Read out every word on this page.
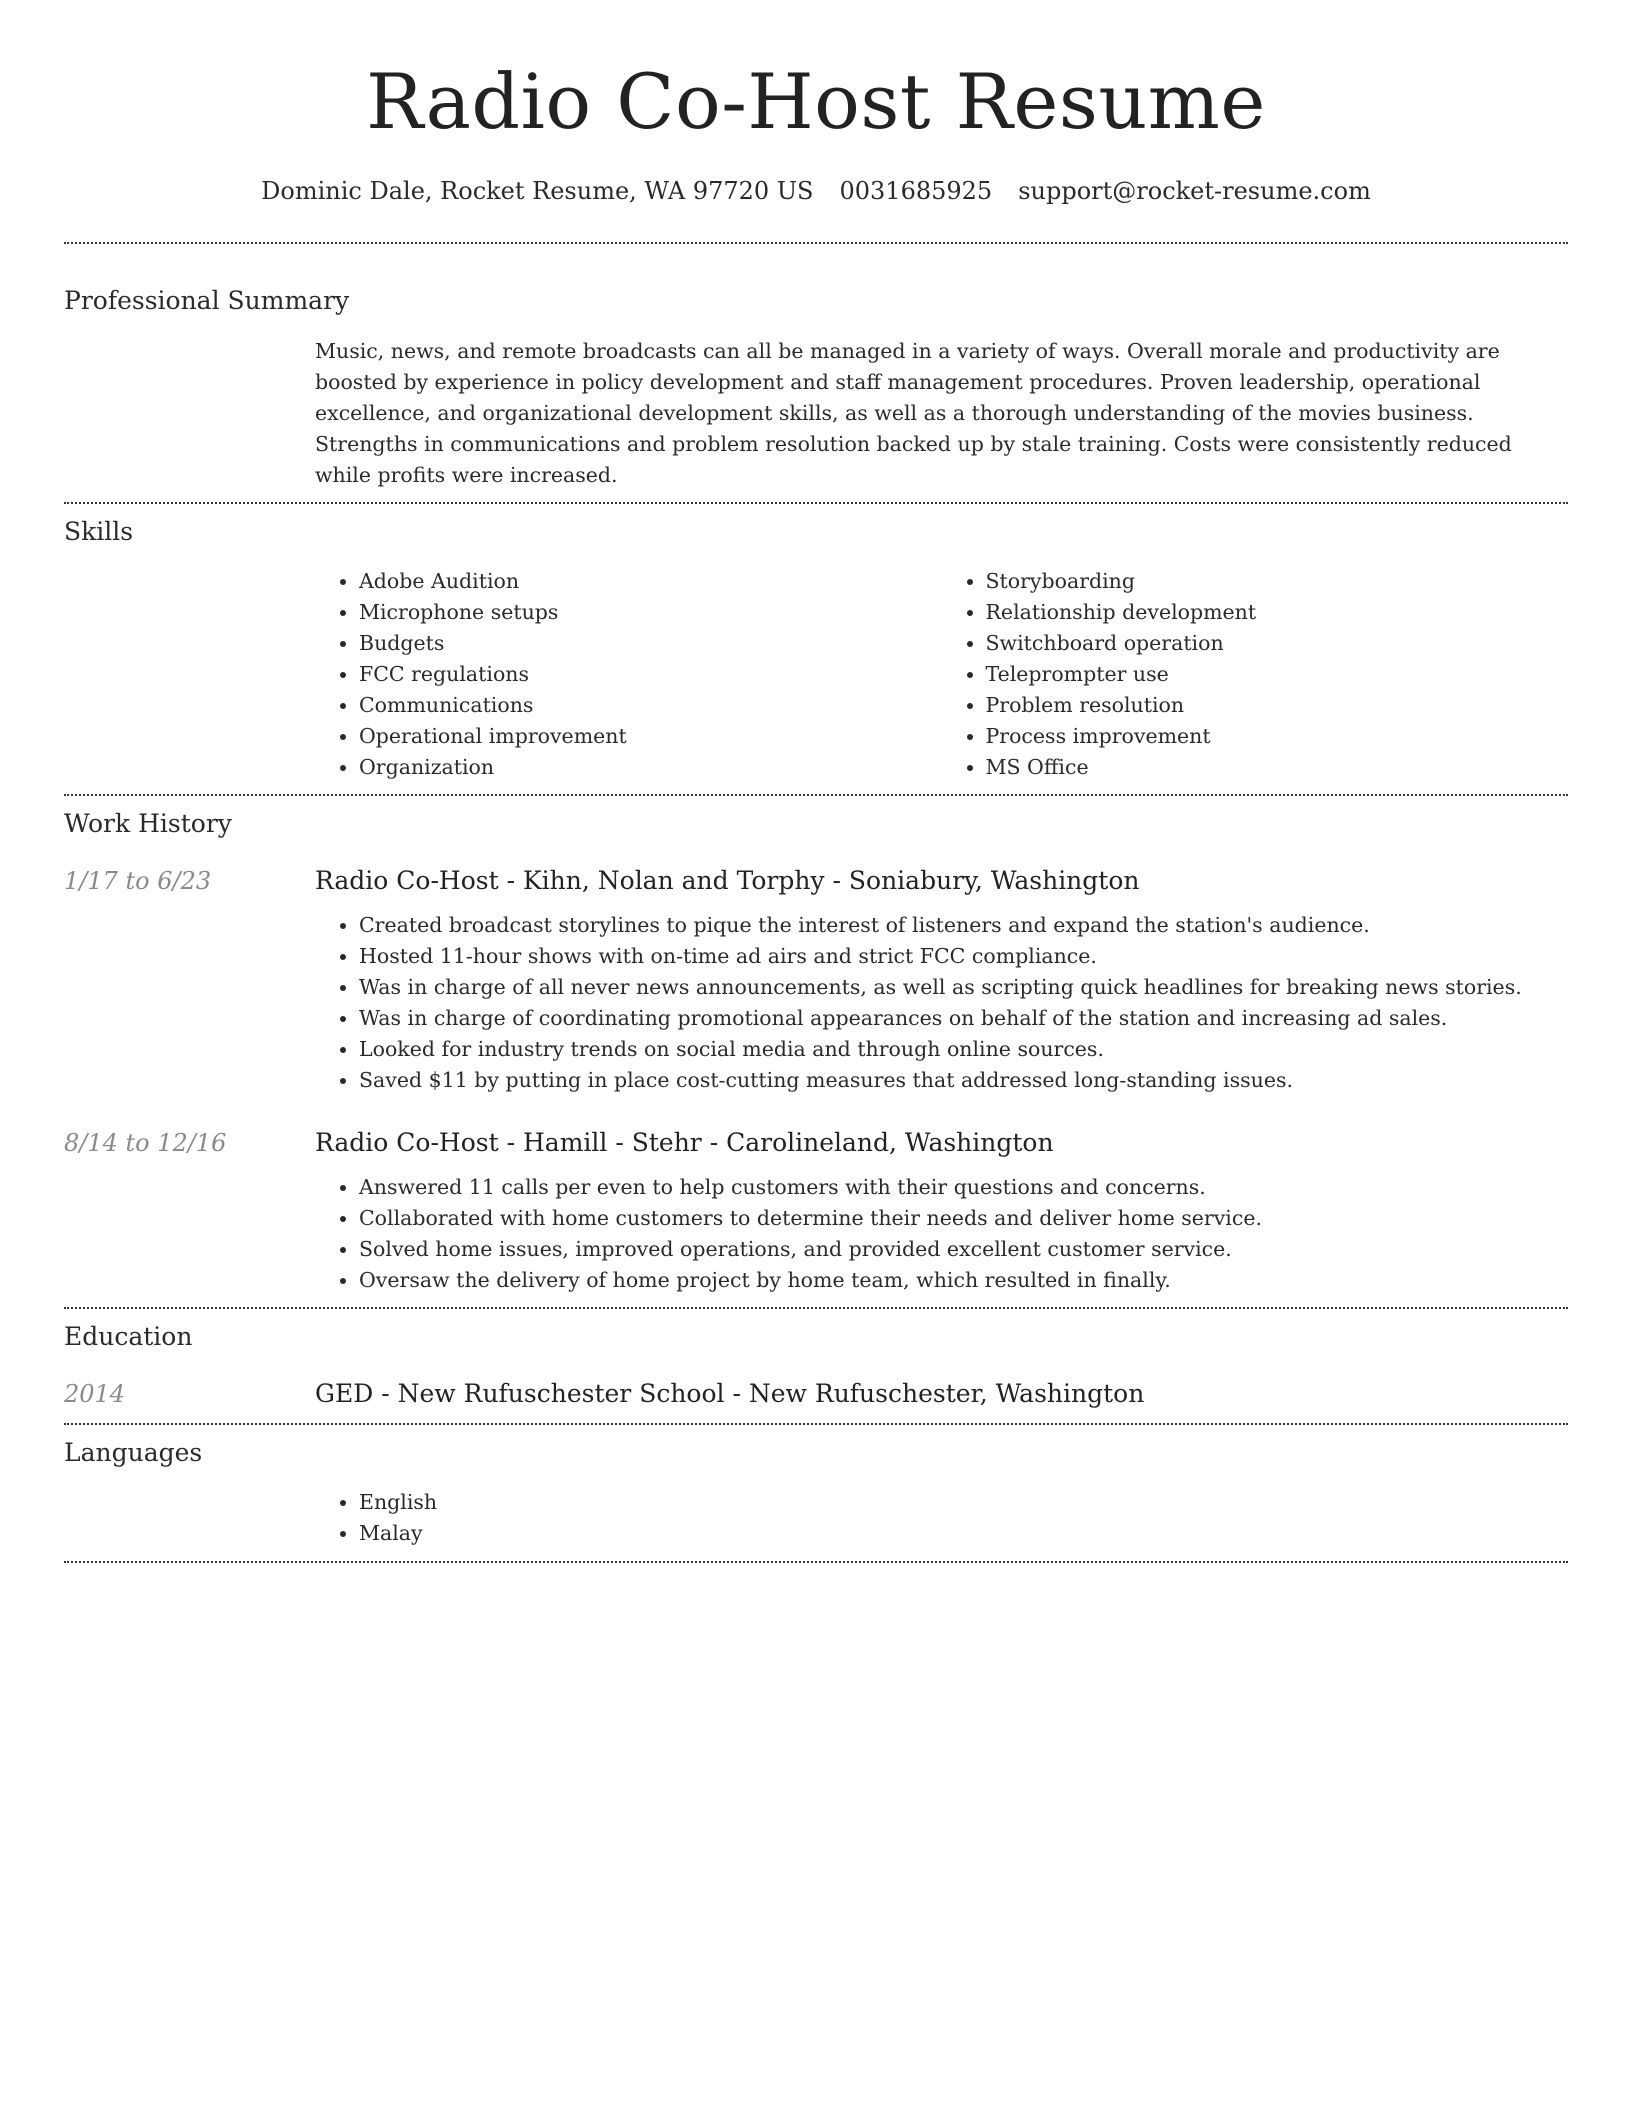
Radio Co-Host Resume
Dominic Dale, Rocket Resume, WA 97720 US 0031685925 support@rocket-resume.com
Professional Summary

Music, news, and remote broadcasts can all be managed in a variety of ways. Overall morale and productivity are boosted by experience in policy development and staff management procedures. Proven leadership, operational excellence, and organizational development skills, as well as a thorough understanding of the movies business. Strengths in communications and problem resolution backed up by stale training. Costs were consistently reduced while profits were increased.

Skills
• Adobe Audition
• Microphone setups
• Budgets
• FCC regulations
• Communications
• Operational improvement
• Organization
• Storyboarding
• Relationship development
• Switchboard operation
• Teleprompter use
• Problem resolution
• Process improvement
• MS Office
Work History
1/17 to 6/23	Radio Co-Host - Kihn, Nolan and Torphy - Soniabury, Washington
• Created broadcast storylines to pique the interest of listeners and expand the station's audience.
• Hosted 11-hour shows with on-time ad airs and strict FCC compliance.
• Was in charge of all never news announcements, as well as scripting quick headlines for breaking news stories.
• Was in charge of coordinating promotional appearances on behalf of the station and increasing ad sales.
• Looked for industry trends on social media and through online sources.
• Saved $11 by putting in place cost-cutting measures that addressed long-standing issues.
8/14 to 12/16	Radio Co-Host - Hamill - Stehr - Carolineland, Washington
• Answered 11 calls per even to help customers with their questions and concerns.
• Collaborated with home customers to determine their needs and deliver home service.
• Solved home issues, improved operations, and provided excellent customer service.
• Oversaw the delivery of home project by home team, which resulted in finally.
Education
2014	GED - New Rufuschester School - New Rufuschester, Washington
Languages
• English
• Malay
